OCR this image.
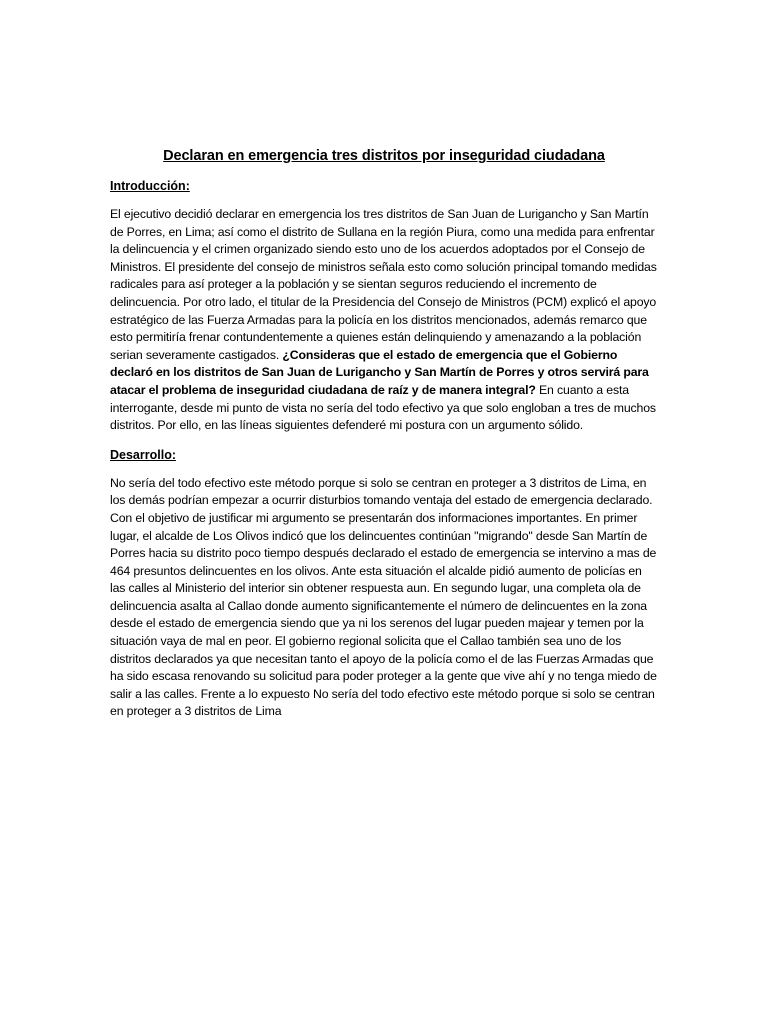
Declaran en emergencia tres distritos por inseguridad ciudadana
Introducción:

El ejecutivo decidió declarar en emergencia los tres distritos de San Juan de Lurigancho y San Martín de Porres, en Lima; así como el distrito de Sullana en la región Piura, como una medida para enfrentar la delincuencia y el crimen organizado siendo esto uno de los acuerdos adoptados por el Consejo de Ministros. El presidente del consejo de ministros señala esto como solución principal tomando medidas radicales para así proteger a la población y se sientan seguros reduciendo el incremento de delincuencia. Por otro lado, el titular de la Presidencia del Consejo de Ministros (PCM) explicó el apoyo estratégico de las Fuerza Armadas para la policía en los distritos mencionados, además remarco que esto permitiría frenar contundentemente a quienes están delinquiendo y amenazando a la población serian severamente castigados. ¿Consideras que el estado de emergencia que el Gobierno declaró en los distritos de San Juan de Lurigancho y San Martín de Porres y otros servirá para atacar el problema de inseguridad ciudadana de raíz y de manera integral? En cuanto a esta interrogante, desde mi punto de vista no sería del todo efectivo ya que solo engloban a tres de muchos distritos. Por ello, en las líneas siguientes defenderé mi postura con un argumento sólido.

Desarrollo:

No sería del todo efectivo este método porque si solo se centran en proteger a 3 distritos de Lima, en los demás podrían empezar a ocurrir disturbios tomando ventaja del estado de emergencia declarado. Con el objetivo de justificar mi argumento se presentarán dos informaciones importantes. En primer lugar, el alcalde de Los Olivos indicó que los delincuentes continúan "migrando" desde San Martín de Porres hacia su distrito poco tiempo después declarado el estado de emergencia se intervino a mas de 464 presuntos delincuentes en los olivos. Ante esta situación el alcalde pidió aumento de policías en las calles al Ministerio del interior sin obtener respuesta aun. En segundo lugar, una completa ola de delincuencia asalta al Callao donde aumento significantemente el número de delincuentes en la zona desde el estado de emergencia siendo que ya ni los serenos del lugar pueden majear y temen por la situación vaya de mal en peor. El gobierno regional solicita que el Callao también sea uno de los distritos declarados ya que necesitan tanto el apoyo de la policía como el de las Fuerzas Armadas que ha sido escasa renovando su solicitud para poder proteger a la gente que vive ahí y no tenga miedo de salir a las calles. Frente a lo expuesto No sería del todo efectivo este método porque si solo se centran en proteger a 3 distritos de Lima
